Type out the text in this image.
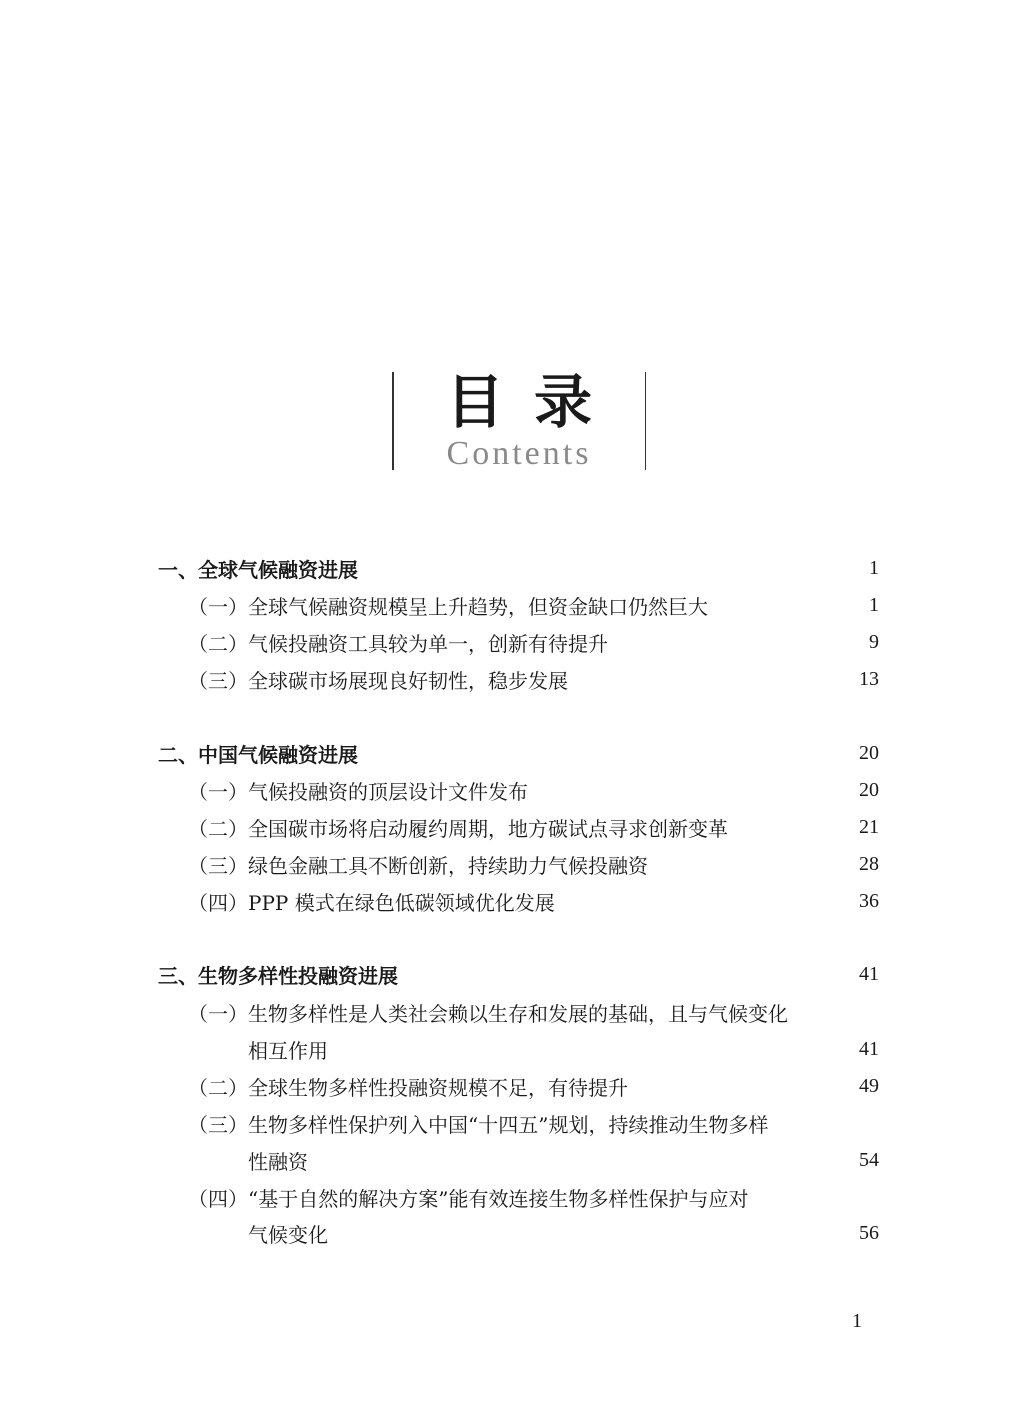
目录
Contents
一、全球气候融资进展	1
（一）全球气候融资规模呈上升趋势，但资金缺口仍然巨大	1
（二）气候投融资工具较为单一，创新有待提升	9
（三）全球碳市场展现良好韧性，稳步发展	13
二、中国气候融资进展	20
（一）气候投融资的顶层设计文件发布	20
（二）全国碳市场将启动履约周期，地方碳试点寻求创新变革	21
（三）绿色金融工具不断创新，持续助力气候投融资	28
（四）PPP 模式在绿色低碳领域优化发展	36
三、生物多样性投融资进展	41
（一）生物多样性是人类社会赖以生存和发展的基础，且与气候变化
相互作用	41
（二）全球生物多样性投融资规模不足，有待提升	49
（三）生物多样性保护列入中国“十四五”规划，持续推动生物多样
性融资	54
（四）“基于自然的解决方案”能有效连接生物多样性保护与应对
气候变化	56
1
